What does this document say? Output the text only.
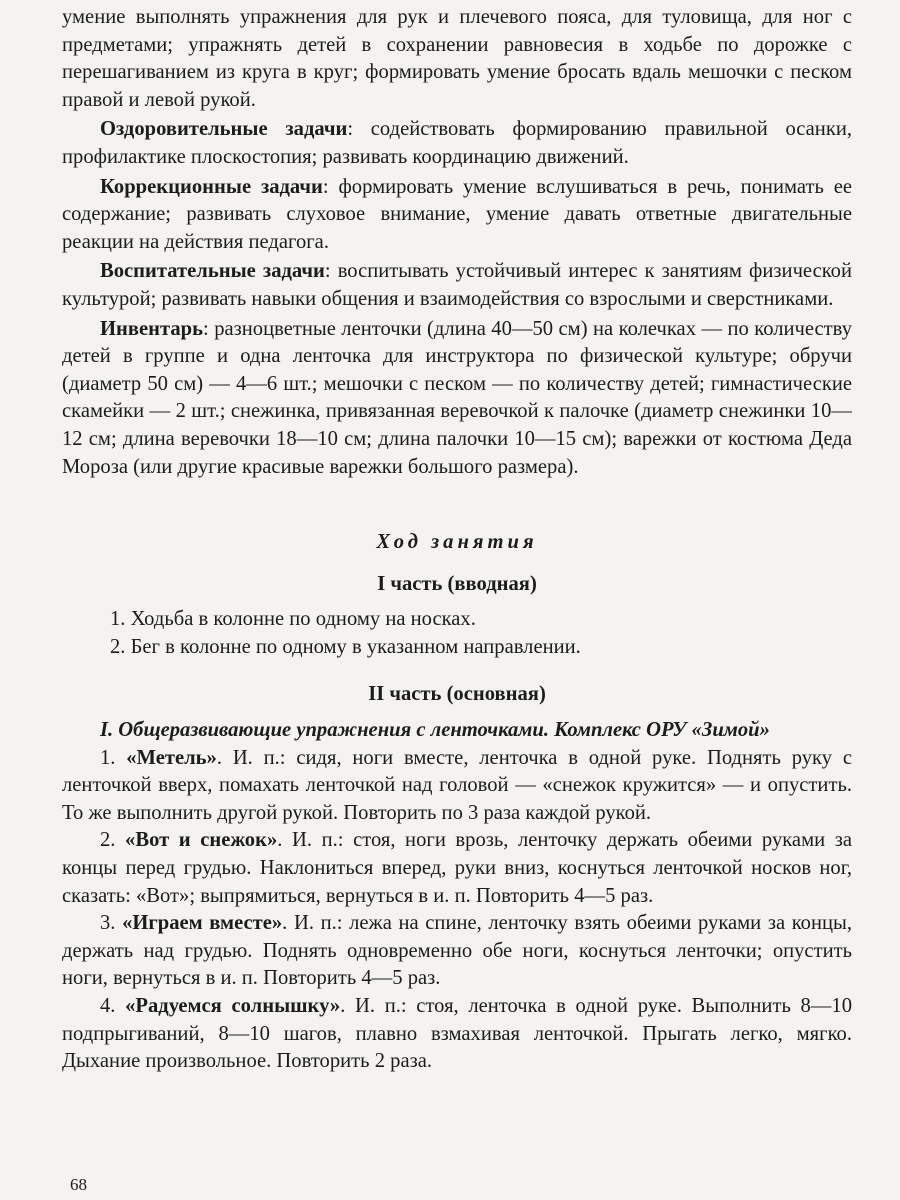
умение выполнять упражнения для рук и плечевого пояса, для туловища, для ног с предметами; упражнять детей в сохранении равновесия в ходьбе по дорожке с перешагиванием из круга в круг; формировать умение бросать вдаль мешочки с песком правой и левой рукой.

Оздоровительные задачи: содействовать формированию правильной осанки, профилактике плоскостопия; развивать координацию движений.

Коррекционные задачи: формировать умение вслушиваться в речь, понимать ее содержание; развивать слуховое внимание, умение давать ответные двигательные реакции на действия педагога.

Воспитательные задачи: воспитывать устойчивый интерес к занятиям физической культурой; развивать навыки общения и взаимодействия со взрослыми и сверстниками.

Инвентарь: разноцветные ленточки (длина 40—50 см) на колечках — по количеству детей в группе и одна ленточка для инструктора по физической культуре; обручи (диаметр 50 см) — 4—6 шт.; мешочки с песком — по количеству детей; гимнастические скамейки — 2 шт.; снежинка, привязанная веревочкой к палочке (диаметр снежинки 10—12 см; длина веревочки 18—10 см; длина палочки 10—15 см); варежки от костюма Деда Мороза (или другие красивые варежки большого размера).

Ход занятия

I часть (вводная)

1. Ходьба в колонне по одному на носках.

2. Бег в колонне по одному в указанном направлении.

II часть (основная)

I. Общеразвивающие упражнения с ленточками. Комплекс ОРУ «Зимой»

1. «Метель». И. п.: сидя, ноги вместе, ленточка в одной руке. Поднять руку с ленточкой вверх, помахать ленточкой над головой — «снежок кружится» — и опустить. То же выполнить другой рукой. Повторить по 3 раза каждой рукой.

2. «Вот и снежок». И. п.: стоя, ноги врозь, ленточку держать обеими руками за концы перед грудью. Наклониться вперед, руки вниз, коснуться ленточкой носков ног, сказать: «Вот»; выпрямиться, вернуться в и. п. Повторить 4—5 раз.

3. «Играем вместе». И. п.: лежа на спине, ленточку взять обеими руками за концы, держать над грудью. Поднять одновременно обе ноги, коснуться ленточки; опустить ноги, вернуться в и. п. Повторить 4—5 раз.

4. «Радуемся солнышку». И. п.: стоя, ленточка в одной руке. Выполнить 8—10 подпрыгиваний, 8—10 шагов, плавно взмахивая ленточкой. Прыгать легко, мягко. Дыхание произвольное. Повторить 2 раза.

68
